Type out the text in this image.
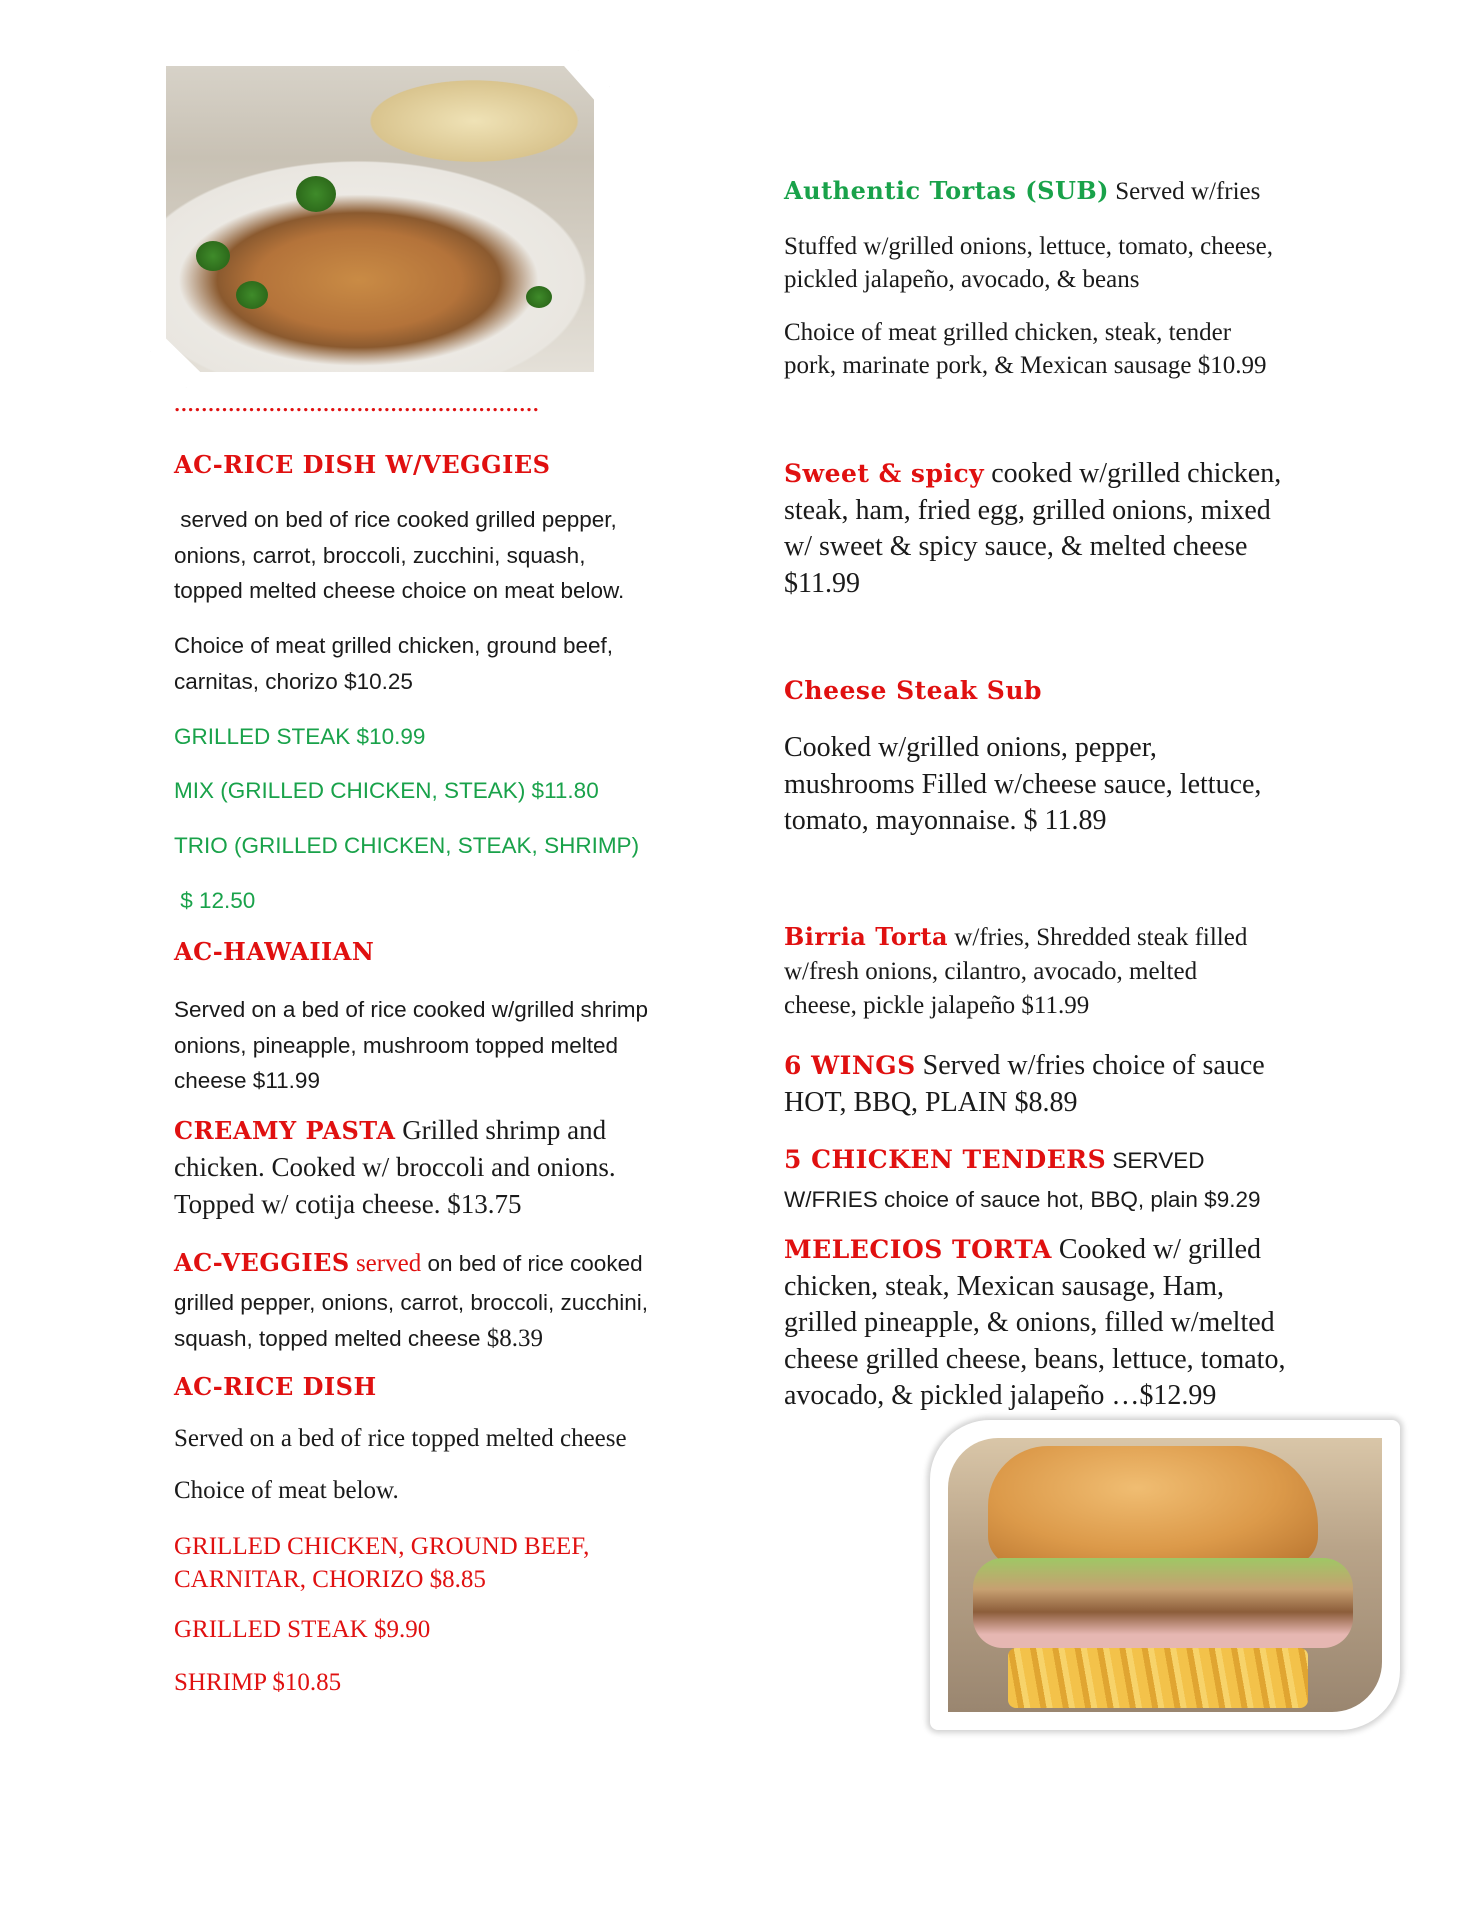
......................................................
AC-RICE DISH W/VEGGIES

served on bed of rice cooked grilled pepper,

onions, carrot, broccoli, zucchini, squash,

topped melted cheese choice on meat below.

Choice of meat grilled chicken, ground beef,

carnitas, chorizo $10.25

GRILLED STEAK $10.99
MIX (GRILLED CHICKEN, STEAK) $11.80
TRIO (GRILLED CHICKEN, STEAK, SHRIMP)
$ 12.50
AC-HAWAIIAN

Served on a bed of rice cooked w/grilled shrimp

onions, pineapple, mushroom topped melted

cheese $11.99

CREAMY PASTA Grilled shrimp and

chicken. Cooked w/ broccoli and onions.

Topped w/ cotija cheese. $13.75

AC-VEGGIES served on bed of rice cooked

grilled pepper, onions, carrot, broccoli, zucchini,

squash, topped melted cheese $8.39

AC-RICE DISH
Served on a bed of rice topped melted cheese
Choice of meat below.

GRILLED CHICKEN, GROUND BEEF,

CARNITAR, CHORIZO $8.85

GRILLED STEAK $9.90
SHRIMP $10.85
Authentic Tortas (SUB) Served w/fries

Stuffed w/grilled onions, lettuce, tomato, cheese,

pickled jalapeño, avocado, & beans

Choice of meat grilled chicken, steak, tender

pork, marinate pork, & Mexican sausage $10.99

Sweet & spicy cooked w/grilled chicken,

steak, ham, fried egg, grilled onions, mixed

w/ sweet & spicy sauce, & melted cheese

$11.99

Cheese Steak Sub

Cooked w/grilled onions, pepper,

mushrooms Filled w/cheese sauce, lettuce,

tomato, mayonnaise. $ 11.89

Birria Torta w/fries, Shredded steak filled

w/fresh onions, cilantro, avocado, melted

cheese, pickle jalapeño $11.99

6 WINGS Served w/fries choice of sauce

HOT, BBQ, PLAIN $8.89

5 CHICKEN TENDERS SERVED

W/FRIES choice of sauce hot, BBQ, plain $9.29

MELECIOS TORTA Cooked w/ grilled

chicken, steak, Mexican sausage, Ham,

grilled pineapple, & onions, filled w/melted

cheese grilled cheese, beans, lettuce, tomato,

avocado, & pickled jalapeño …$12.99
